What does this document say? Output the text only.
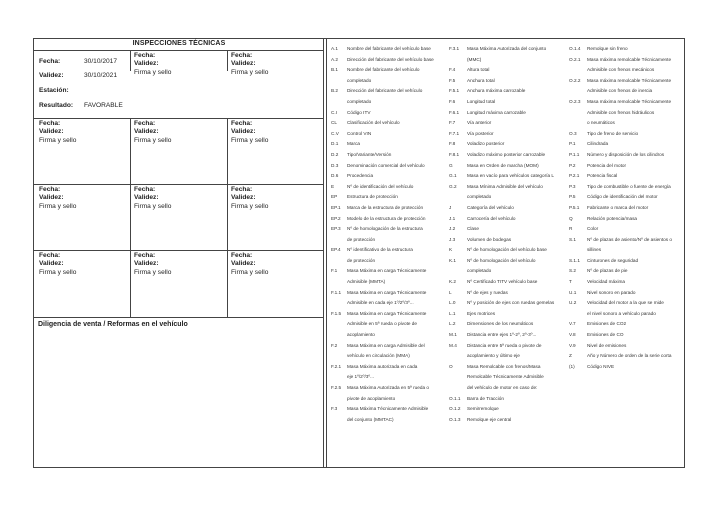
INSPECCIONES TÉCNICAS
Fecha:	30/10/2017
Validez:	30/10/2021
Estación:
Resultado: FAVORABLE
Fecha:
Validez:
Firma y sello
Fecha:
Validez:
Firma y sello
Fecha:
Validez:
Firma y sello
Fecha:
Validez:
Firma y sello
Fecha:
Validez:
Firma y sello
Fecha:
Validez:
Firma y sello
Fecha:
Validez:
Firma y sello
Fecha:
Validez:
Firma y sello
Fecha:
Validez:
Firma y sello
Fecha:
Validez:
Firma y sello
Fecha:
Validez:
Firma y sello
Diligencia de venta / Reformas en el vehículo
A.1 Nombre del fabricante del vehículo base
A.2 Dirección del fabricante del vehículo base
B.1 Nombre del fabricante del vehículo
completado
B.2 Dirección del fabricante del vehículo
completado
C.I Código ITV
CL Clasificación del vehículo
C.V Control VIN
D.1 Marca
D.2 Tipo/Variante/Versión
D.3 Denominación comercial del vehículo
D.6 Procedencia
E	Nº de identificación del vehículo
EP Estructura de protección
EP.1 Marca de la estructura de protección
EP.2 Modelo de la estructura de protección
EP.3 Nº de homologación de la estructura
de protección
EP.4 Nº identificativo de la estructura
de protección
F.1 Masa Máxima en carga Técnicamente
Admisible (MMTA)
F.1.1 Masa Máxima en carga Técnicamente
Admisible en cada eje 1º/2º/3º...
F.1.5 Masa Máxima en carga Técnicamente
Admisible en 5ª rueda o pivote de
acoplamiento
F.2 Masa Máxima en carga Admisible del
vehículo en circulación (MMA)
F.2.1 Masa Máxima autorizada en cada
eje 1º/2º/3º...
F.2.5 Masa Máxima Autorizada en 5ª rueda o
pivote de acoplamiento
F.3 Masa Máxima Técnicamente Admisible
del conjunto (MMTAC)
F.3.1 Masa Máxima Autorizada del conjunto
(MMC)
F.4 Altura total
F.5 Anchura total
F.5.1 Anchura máxima carrozable
F.6 Longitud total
F.6.1 Longitud máxima carrozable
F.7 Vía anterior
F.7.1 Vía posterior
F.8 Voladizo posterior
F.8.1 Voladizo máximo posterior carrozable
G	Masa en Orden de marcha (MOM)
G.1 Masa en vacío para vehículos categoría L
G.2 Masa Mínima Admisible del vehículo
completado
J	Categoría del vehículo
J.1 Carrocería del vehículo
J.2 Clase
J.3 Volumen de bodegas
K	Nº de homologación del vehículo base
K.1 Nº de homologación del vehículo
completado
K.2 Nº Certificado TITV vehículo base
L	Nº de ejes y ruedas
L.0 Nº y posición de ejes con ruedas gemelas
L.1 Ejes motrices
L.2 Dimensiones de los neumáticos
M.1 Distancia entre ejes 1º-2º, 2º-3º...
M.4 Distancia entre 5ª rueda o pivote de
acoplamiento y último eje
O	Masa Remolcable con frenos/Masa
Remolcable Técnicamente Admisible
del vehículo de motor en caso de:
O.1.1 Barra de Tracción
O.1.2 Semirremolque
O.1.3 Remolque eje central
O.1.4 Remolque sin freno
O.2.1 Masa máxima remolcable Técnicamente
Admisible con frenos mecánicos
O.2.2 Masa máxima remolcable Técnicamente
Admisible con frenos de inercia
O.2.3 Masa máxima remolcable Técnicamente
Admisible con frenos hidráulicos
o neumáticos
O.3 Tipo de freno de servicio
P.1 Cilindrada
P.1.1 Número y disposición de los cilindros
P.2 Potencia del motor
P.2.1 Potencia fiscal
P.3 Tipo de combustible o fuente de energía
P.5 Código de identificación del motor
P.5.1 Fabricante o marca del motor
Q	Relación potencia/masa
R	Color
S.1 Nº de plazas de asiento/Nº de asientos o
sillines
S.1.1 Cinturones de seguridad
S.2 Nº de plazas de pie
T	Velocidad máxima
U.1 Nivel sonoro en parado
U.2 Velocidad del motor a la que se mide
el nivel sonoro a vehículo parado
V.7 Emisiones de CO2
V.8 Emisiones de CO
V.9 Nivel de emisiones
Z	Año y Número de orden de la serie corta
(1)	Código NIVE
